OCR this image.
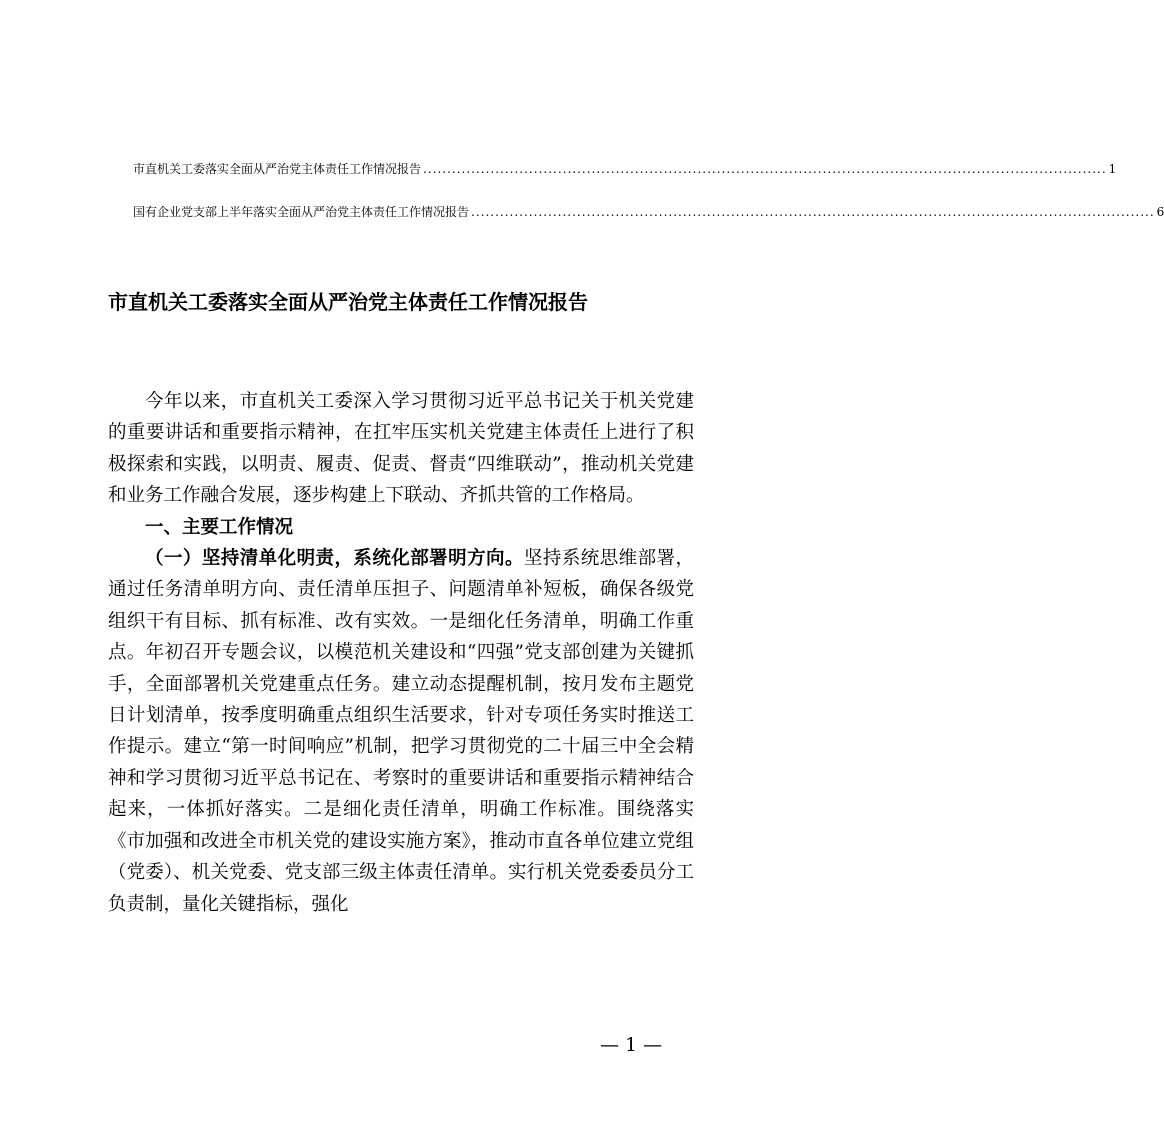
市直机关工委落实全面从严治党主体责任工作情况报告 .............................................................................................................................................. 1
国有企业党支部上半年落实全面从严治党主体责任工作情况报告 .............................................................................................................................................. 6
市直机关工委落实全面从严治党主体责任工作情况报告

今年以来，市直机关工委深入学习贯彻习近平总书记关于机关党建的重要讲话和重要指示精神，在扛牢压实机关党建主体责任上进行了积极探索和实践，以明责、履责、促责、督责“四维联动”，推动机关党建和业务工作融合发展，逐步构建上下联动、齐抓共管的工作格局。

一、主要工作情况

（一）坚持清单化明责，系统化部署明方向。坚持系统思维部署，通过任务清单明方向、责任清单压担子、问题清单补短板，确保各级党组织干有目标、抓有标准、改有实效。一是细化任务清单，明确工作重点。年初召开专题会议，以模范机关建设和“四强”党支部创建为关键抓手，全面部署机关党建重点任务。建立动态提醒机制，按月发布主题党日计划清单，按季度明确重点组织生活要求，针对专项任务实时推送工作提示。建立“第一时间响应”机制，把学习贯彻党的二十届三中全会精神和学习贯彻习近平总书记在、考察时的重要讲话和重要指示精神结合起来，一体抓好落实。二是细化责任清单，明确工作标准。围绕落实《市加强和改进全市机关党的建设实施方案》，推动市直各单位建立党组（党委）、机关党委、党支部三级主体责任清单。实行机关党委委员分工负责制，量化关键指标，强化

— 1 —
